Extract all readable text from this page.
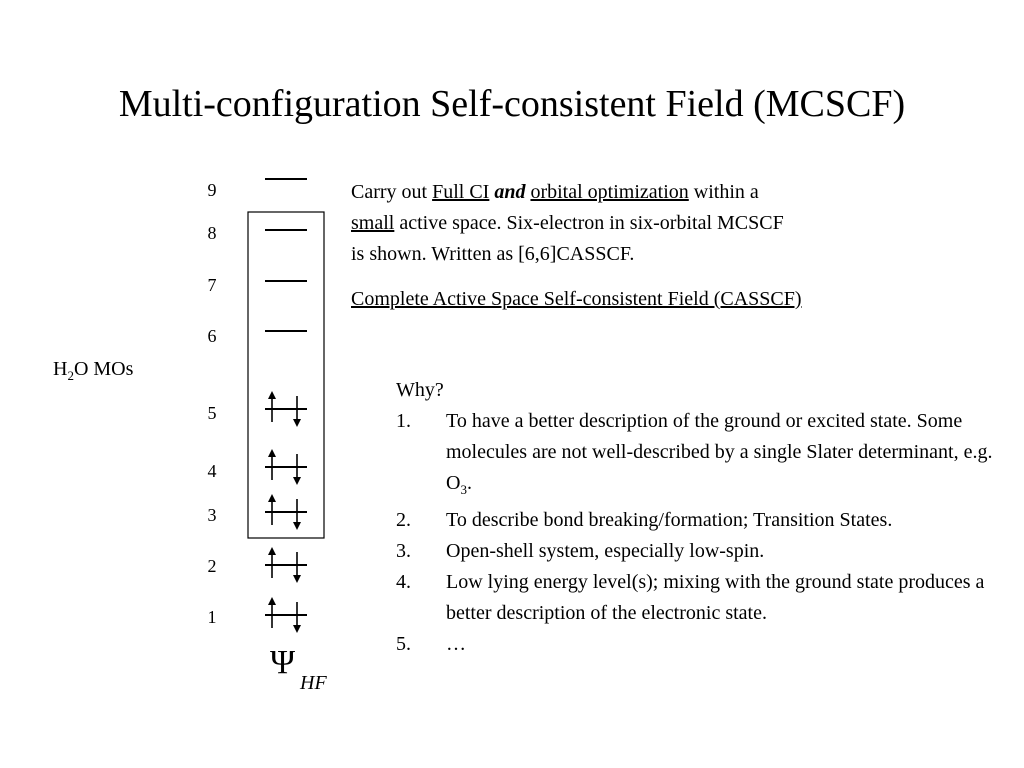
Multi-configuration Self-consistent Field (MCSCF)
9
8
7
6
5
4
3
2
1
$H_2O$ MOs
Ψ
HF
Carry out Full CI and orbital optimization within a
small active space. Six-electron in six-orbital MCSCF
is shown. Written as [6,6]CASSCF.
Complete Active Space Self-consistent Field (CASSCF)
Why?
1.	To have a better description of the ground or excited state. Some molecules are not well-described by a single Slater determinant, e.g. $O_3$.
2.	To describe bond breaking/formation; Transition States.
3.	Open-shell system, especially low-spin.
4.	Low lying energy level(s); mixing with the ground state produces a better description of the electronic state.
5.	…
